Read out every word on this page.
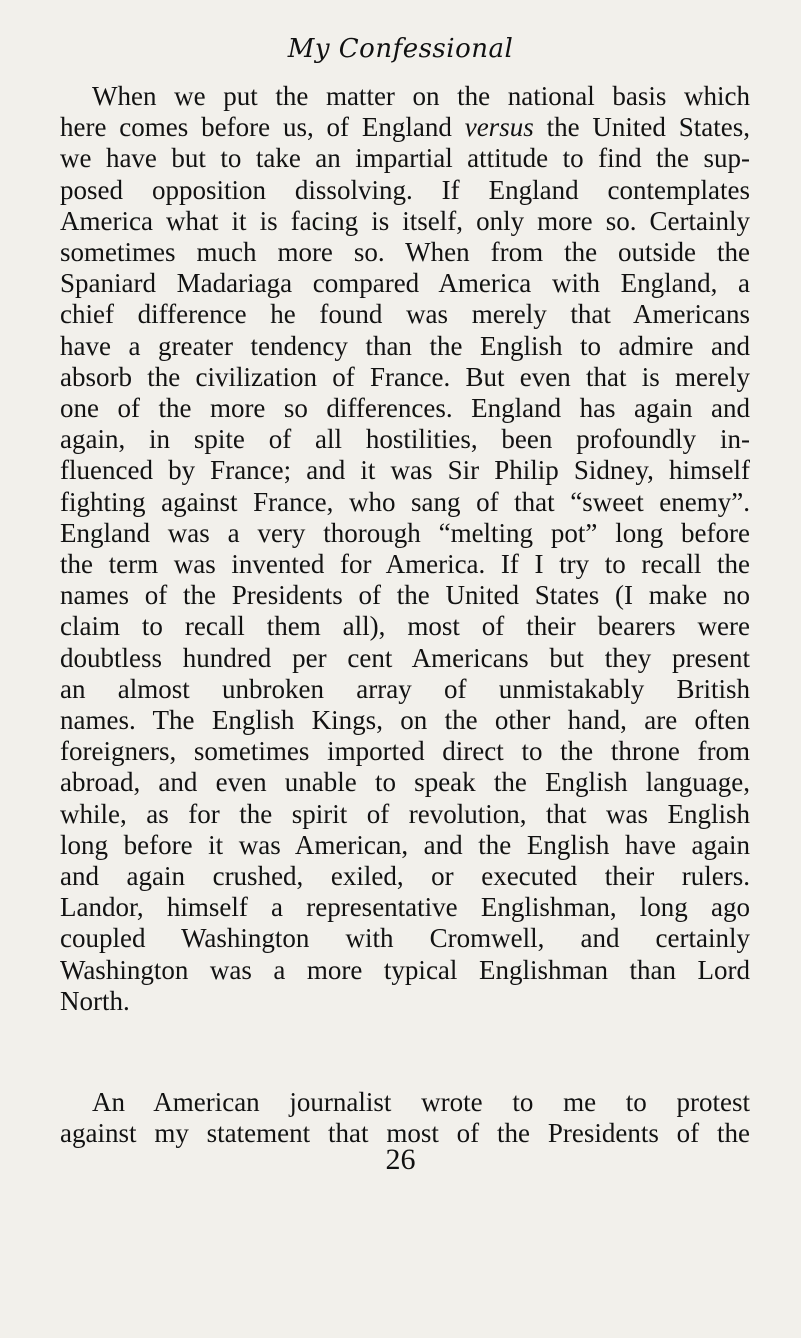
My Confessional
When we put the matter on the national basis which
here comes before us, of England versus the United States,
we have but to take an impartial attitude to find the sup-
posed opposition dissolving. If England contemplates
America what it is facing is itself, only more so. Certainly
sometimes much more so. When from the outside the
Spaniard Madariaga compared America with England, a
chief difference he found was merely that Americans
have a greater tendency than the English to admire and
absorb the civilization of France. But even that is merely
one of the more so differences. England has again and
again, in spite of all hostilities, been profoundly in-
fluenced by France; and it was Sir Philip Sidney, himself
fighting against France, who sang of that “sweet enemy”.
England was a very thorough “melting pot” long before
the term was invented for America. If I try to recall the
names of the Presidents of the United States (I make no
claim to recall them all), most of their bearers were
doubtless hundred per cent Americans but they present
an almost unbroken array of unmistakably British
names. The English Kings, on the other hand, are often
foreigners, sometimes imported direct to the throne from
abroad, and even unable to speak the English language,
while, as for the spirit of revolution, that was English
long before it was American, and the English have again
and again crushed, exiled, or executed their rulers.
Landor, himself a representative Englishman, long ago
coupled Washington with Cromwell, and certainly
Washington was a more typical Englishman than Lord
North.
An American journalist wrote to me to protest
against my statement that most of the Presidents of the
26
